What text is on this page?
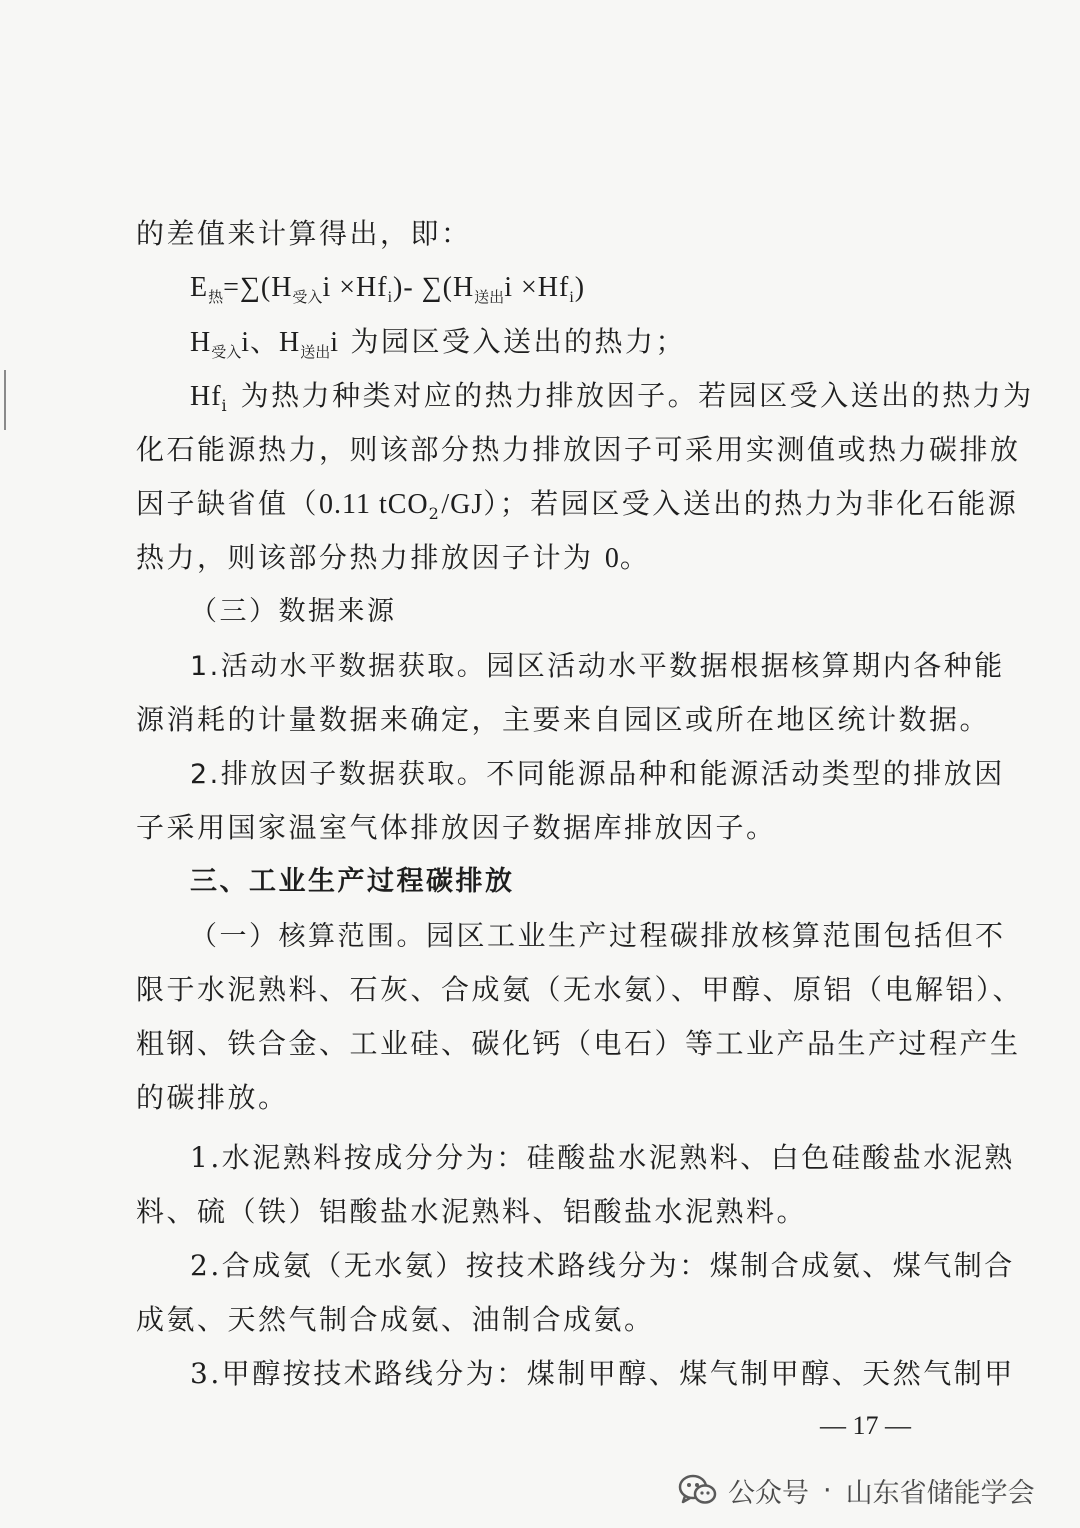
的差值来计算得出，即：
$E_热=\sum(H_{受入}i \times Hf_i)-$ $\sum(H_{送出}i \times Hf_i)$
$H_{受入}i$、$H_{送出}i$ 为园区受入送出的热力；
$Hf_i$ 为热力种类对应的热力排放因子。若园区受入送出的热力为
化石能源热力，则该部分热力排放因子可采用实测值或热力碳排放
因子缺省值（0.11 tCO$_2$/GJ）；若园区受入送出的热力为非化石能源
热力，则该部分热力排放因子计为 0。
（三）数据来源
1.活动水平数据获取。园区活动水平数据根据核算期内各种能
源消耗的计量数据来确定，主要来自园区或所在地区统计数据。
2.排放因子数据获取。不同能源品种和能源活动类型的排放因
子采用国家温室气体排放因子数据库排放因子。
三、工业生产过程碳排放
（一）核算范围。园区工业生产过程碳排放核算范围包括但不
限于水泥熟料、石灰、合成氨（无水氨）、甲醇、原铝（电解铝）、
粗钢、铁合金、工业硅、碳化钙（电石）等工业产品生产过程产生
的碳排放。
1.水泥熟料按成分分为：硅酸盐水泥熟料、白色硅酸盐水泥熟
料、硫（铁）铝酸盐水泥熟料、铝酸盐水泥熟料。
2.合成氨（无水氨）按技术路线分为：煤制合成氨、煤气制合
成氨、天然气制合成氨、油制合成氨。
3.甲醇按技术路线分为：煤制甲醇、煤气制甲醇、天然气制甲
— 17 —
公众号 · 山东省储能学会
